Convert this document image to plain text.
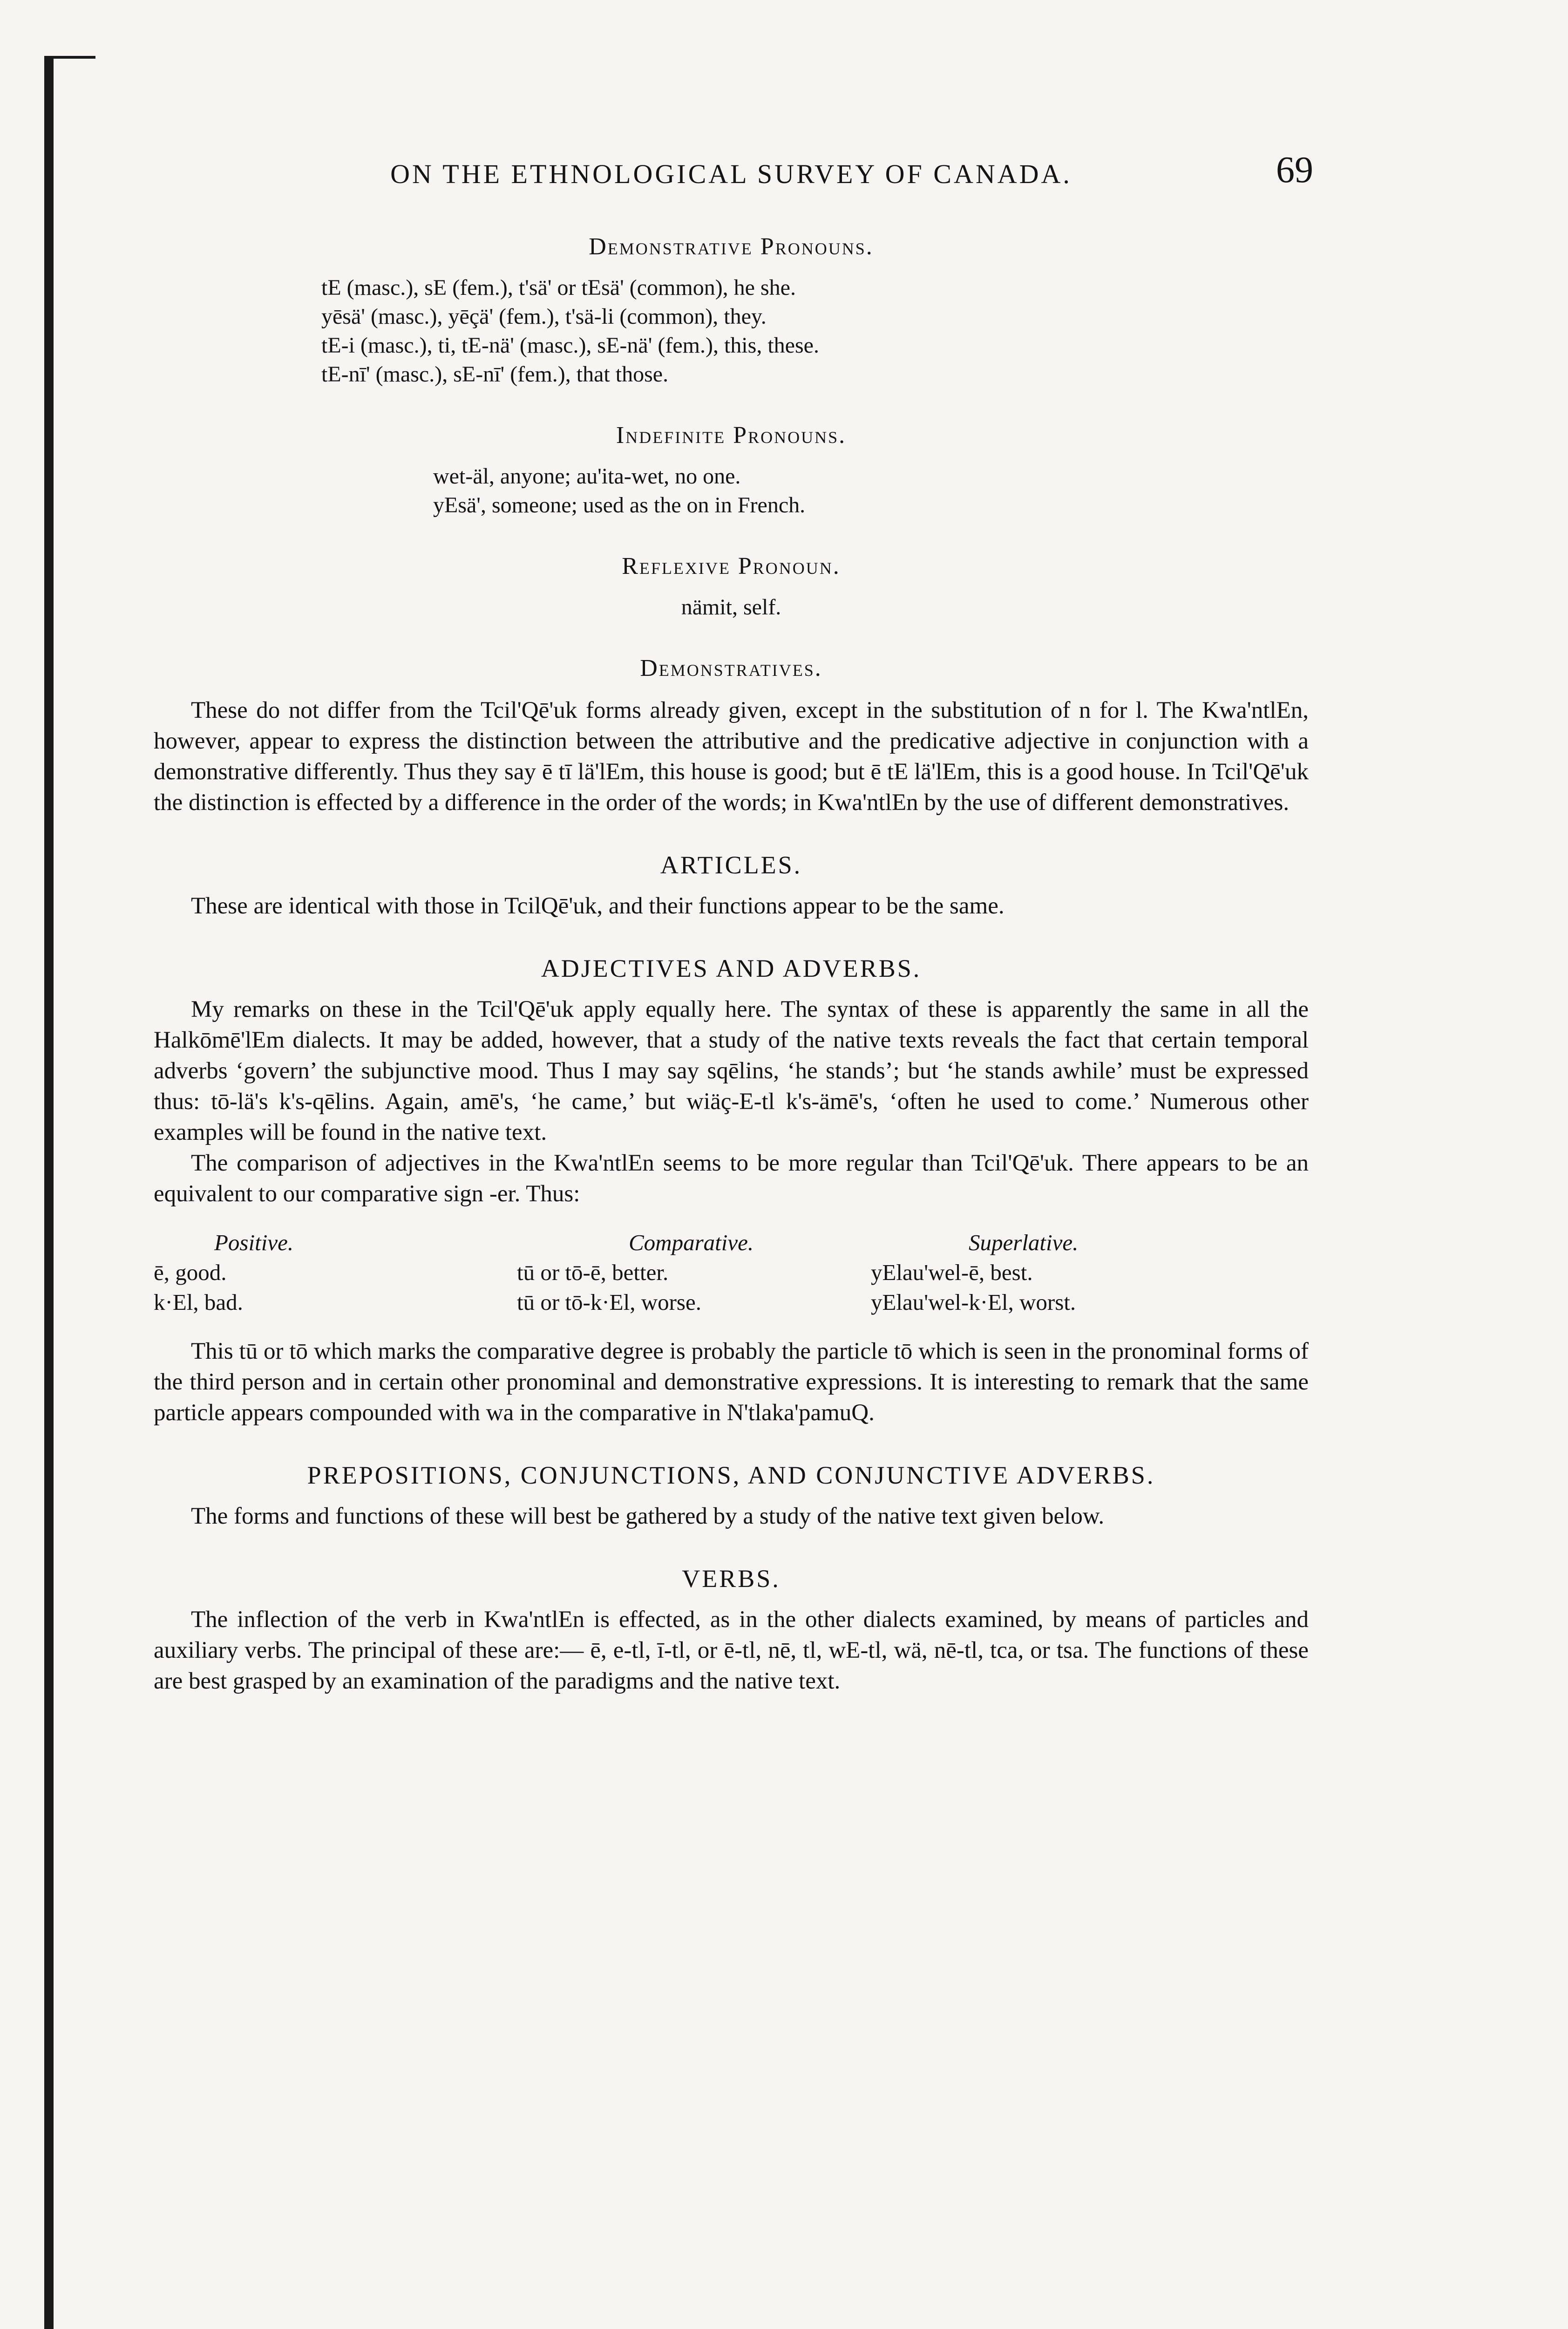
ON THE ETHNOLOGICAL SURVEY OF CANADA.	69
Demonstrative Pronouns.
tE (masc.), sE (fem.), t'sä' or tEsä' (common), he she.
yēsä' (masc.), yēçä' (fem.), t'sä-li (common), they.
tE-i (masc.), ti, tE-nä' (masc.), sE-nä' (fem.), this, these.
tE-nī' (masc.), sE-nī' (fem.), that those.
Indefinite Pronouns.
wet-äl, anyone; au'ita-wet, no one.
yEsä', someone; used as the on in French.
Reflexive Pronoun.
nämit, self.
Demonstratives.

These do not differ from the Tcil'Qē'uk forms already given, except in the substitution of n for l. The Kwa'ntlEn, however, appear to express the distinction between the attributive and the predicative adjective in conjunction with a demonstrative differently. Thus they say ē tī lä'lEm, this house is good; but ē tE lä'lEm, this is a good house. In Tcil'Qē'uk the distinction is effected by a difference in the order of the words; in Kwa'ntlEn by the use of different demonstratives.

ARTICLES.

These are identical with those in TcilQē'uk, and their functions appear to be the same.

ADJECTIVES AND ADVERBS.

My remarks on these in the Tcil'Qē'uk apply equally here. The syntax of these is apparently the same in all the Halkōmē'lEm dialects. It may be added, however, that a study of the native texts reveals the fact that certain temporal adverbs ‘govern’ the subjunctive mood. Thus I may say sqēlins, ‘he stands’; but ‘he stands awhile’ must be expressed thus: tō-lä's k's-qēlins. Again, amē's, ‘he came,’ but wiäç-E-tl k's-ämē's, ‘often he used to come.’ Numerous other examples will be found in the native text.

The comparison of adjectives in the Kwa'ntlEn seems to be more regular than Tcil'Qē'uk. There appears to be an equivalent to our comparative sign -er. Thus:

Positive.	Comparative.	Superlative.
ē, good.	tū or tō-ē, better.	yElau'wel-ē, best.
k·El, bad.	tū or tō-k·El, worse.	yElau'wel-k·El, worst.

This tū or tō which marks the comparative degree is probably the particle tō which is seen in the pronominal forms of the third person and in certain other pronominal and demonstrative expressions. It is interesting to remark that the same particle appears compounded with wa in the comparative in N'tlaka'pamuQ.

PREPOSITIONS, CONJUNCTIONS, AND CONJUNCTIVE ADVERBS.

The forms and functions of these will best be gathered by a study of the native text given below.

VERBS.

The inflection of the verb in Kwa'ntlEn is effected, as in the other dialects examined, by means of particles and auxiliary verbs. The principal of these are:— ē, e-tl, ī-tl, or ē-tl, nē, tl, wE-tl, wä, nē-tl, tca, or tsa. The functions of these are best grasped by an examination of the paradigms and the native text.
